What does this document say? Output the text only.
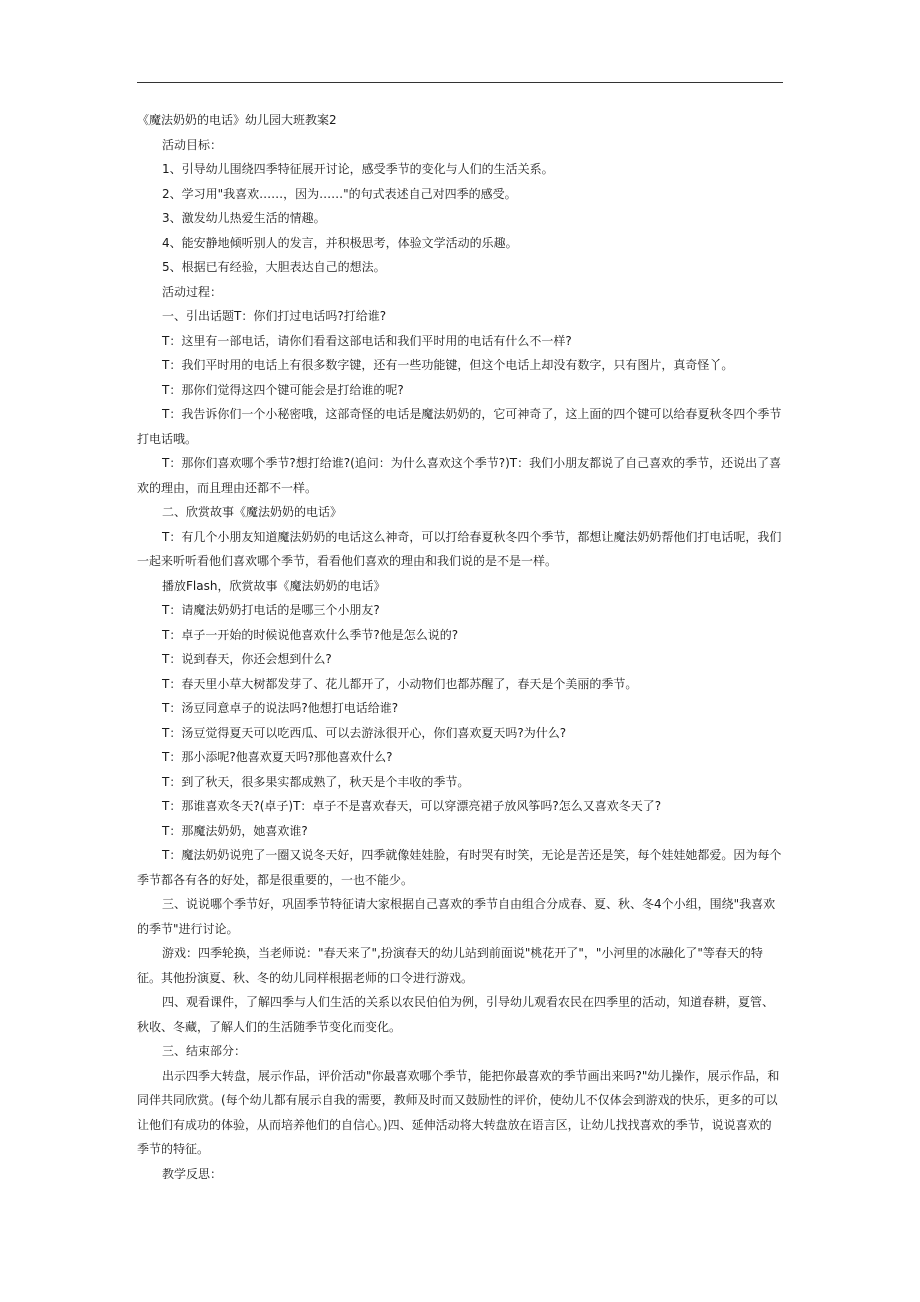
《魔法奶奶的电话》幼儿园大班教案2

活动目标：

1、引导幼儿围绕四季特征展开讨论，感受季节的变化与人们的生活关系。

2、学习用"我喜欢……，因为……"的句式表述自己对四季的感受。

3、激发幼儿热爱生活的情趣。

4、能安静地倾听别人的发言，并积极思考，体验文学活动的乐趣。

5、根据已有经验，大胆表达自己的想法。

活动过程：

一、引出话题T：你们打过电话吗?打给谁?

T：这里有一部电话，请你们看看这部电话和我们平时用的电话有什么不一样?

T：我们平时用的电话上有很多数字键，还有一些功能键，但这个电话上却没有数字，只有图片，真奇怪丫。

T：那你们觉得这四个键可能会是打给谁的呢?

T：我告诉你们一个小秘密哦，这部奇怪的电话是魔法奶奶的，它可神奇了，这上面的四个键可以给春夏秋冬四个季节打电话哦。

T：那你们喜欢哪个季节?想打给谁?(追问：为什么喜欢这个季节?)T：我们小朋友都说了自己喜欢的季节，还说出了喜欢的理由，而且理由还都不一样。

二、欣赏故事《魔法奶奶的电话》

T：有几个小朋友知道魔法奶奶的电话这么神奇，可以打给春夏秋冬四个季节，都想让魔法奶奶帮他们打电话呢，我们一起来听听看他们喜欢哪个季节，看看他们喜欢的理由和我们说的是不是一样。

播放Flash，欣赏故事《魔法奶奶的电话》

T：请魔法奶奶打电话的是哪三个小朋友?

T：卓子一开始的时候说他喜欢什么季节?他是怎么说的?

T：说到春天，你还会想到什么?

T：春天里小草大树都发芽了、花儿都开了，小动物们也都苏醒了，春天是个美丽的季节。

T：汤豆同意卓子的说法吗?他想打电话给谁?

T：汤豆觉得夏天可以吃西瓜、可以去游泳很开心，你们喜欢夏天吗?为什么?

T：那小添呢?他喜欢夏天吗?那他喜欢什么?

T：到了秋天，很多果实都成熟了，秋天是个丰收的季节。

T：那谁喜欢冬天?(卓子)T：卓子不是喜欢春天，可以穿漂亮裙子放风筝吗?怎么又喜欢冬天了?

T：那魔法奶奶，她喜欢谁?

T：魔法奶奶说兜了一圈又说冬天好，四季就像娃娃脸，有时哭有时笑，无论是苦还是笑，每个娃娃她都爱。因为每个季节都各有各的好处，都是很重要的，一也不能少。

三、说说哪个季节好，巩固季节特征请大家根据自己喜欢的季节自由组合分成春、夏、秋、冬4个小组，围绕"我喜欢的季节"进行讨论。

游戏：四季轮换，当老师说："春天来了",扮演春天的幼儿站到前面说"桃花开了"，"小河里的冰融化了"等春天的特征。其他扮演夏、秋、冬的幼儿同样根据老师的口令进行游戏。

四、观看课件，了解四季与人们生活的关系以农民伯伯为例，引导幼儿观看农民在四季里的活动，知道春耕，夏管、秋收、冬藏，了解人们的生活随季节变化而变化。

三、结束部分：

出示四季大转盘，展示作品，评价活动"你最喜欢哪个季节，能把你最喜欢的季节画出来吗?"幼儿操作，展示作品，和同伴共同欣赏。(每个幼儿都有展示自我的需要，教师及时而又鼓励性的评价，使幼儿不仅体会到游戏的快乐，更多的可以让他们有成功的体验，从而培养他们的自信心。)四、延伸活动将大转盘放在语言区，让幼儿找找喜欢的季节，说说喜欢的季节的特征。

教学反思：
